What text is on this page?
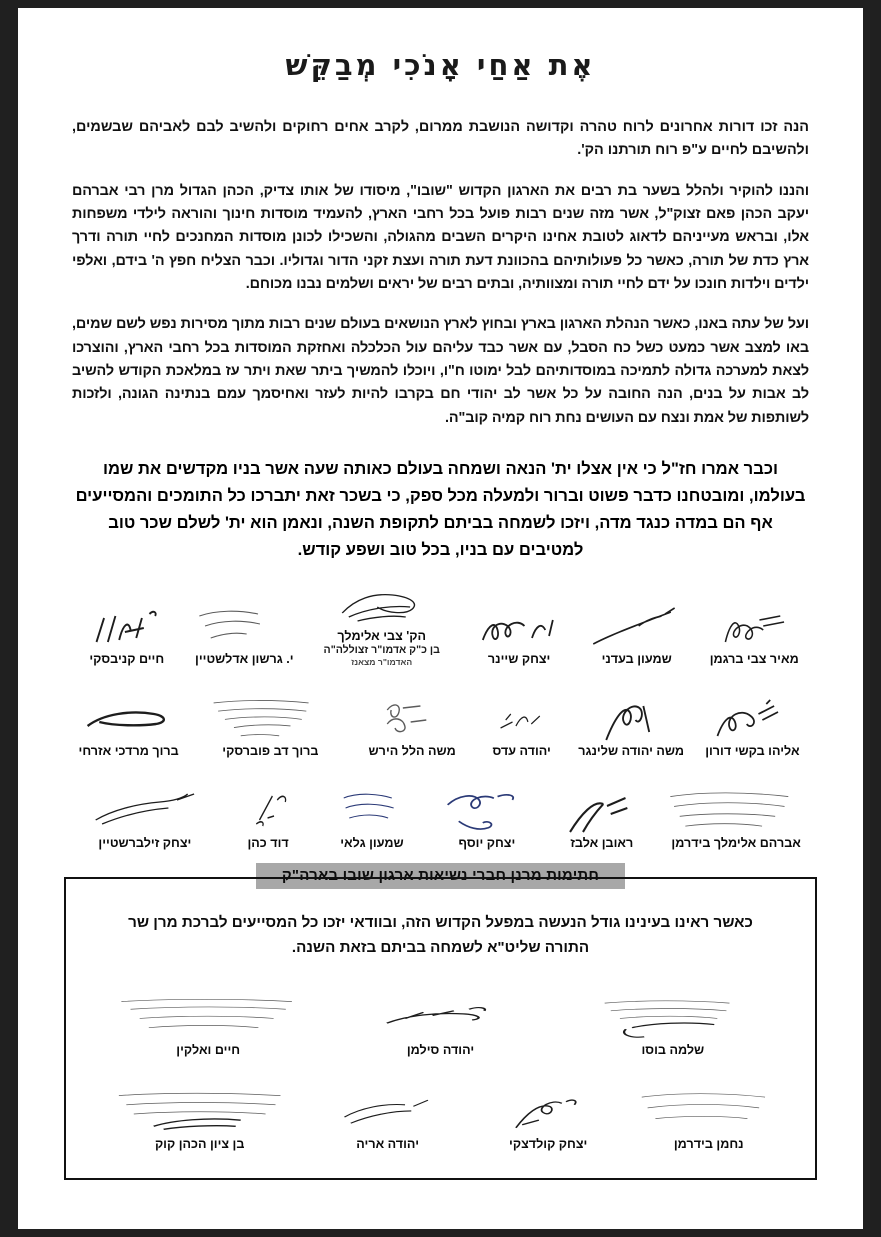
אֶת אַחַי אָנֹכִי מְבַקֵּשׁ
הנה זכו דורות אחרונים לרוח טהרה וקדושה הנושבת ממרום, לקרב אחים רחוקים ולהשיב לבם לאביהם שבשמים, ולהשיבם לחיים ע"פ רוח תורתנו הק'.
והננו להוקיר ולהלל בשער בת רבים את הארגון הקדוש "שובו", מיסודו של אותו צדיק, הכהן הגדול מרן רבי אברהם יעקב הכהן פאם זצוק"ל, אשר מזה שנים רבות פועל בכל רחבי הארץ, להעמיד מוסדות חינוך והוראה לילדי משפחות אלו, ובראש מעייניהם לדאוג לטובת אחינו היקרים השבים מהגולה, והשכילו לכונן מוסדות המחנכים לחיי תורה ודרך ארץ כדת של תורה, כאשר כל פעולותיהם בהכוונת דעת תורה ועצת זקני הדור וגדוליו. וכבר הצליח חפץ ה' בידם, ואלפי ילדים וילדות חונכו על ידם לחיי תורה ומצוותיה, ובתים רבים של יראים ושלמים נבנו מכוחם.
ועל של עתה באנו, כאשר הנהלת הארגון בארץ ובחוץ לארץ הנושאים בעולם שנים רבות מתוך מסירות נפש לשם שמים, באו למצב אשר כמעט כשל כח הסבל, עם אשר כבד עליהם עול הכלכלה ואחזקת המוסדות בכל רחבי הארץ, והוצרכו לצאת למערכה גדולה לתמיכה במוסדותיהם לבל ימוטו ח"ו, ויוכלו להמשיך ביתר שאת ויתר עז במלאכת הקודש להשיב לב אבות על בנים, הנה החובה על כל אשר לב יהודי חם בקרבו להיות לעזר ואחיסמך עמם בנתינה הגונה, ולזכות לשותפות של אמת ונצח עם העושים נחת רוח קמיה קוב"ה.
וכבר אמרו חז"ל כי אין אצלו ית' הנאה ושמחה בעולם כאותה שעה אשר בניו מקדשים את שמו בעולמו, ומובטחנו כדבר פשוט וברור ולמעלה מכל ספק, כי בשכר זאת יתברכו כל התומכים והמסייעים אף הם במדה כנגד מדה, ויזכו לשמחה בביתם לתקופת השנה, ונאמן הוא ית' לשלם שכר טוב למטיבים עם בניו, בכל טוב ושפע קודש.
מאיר צבי ברגמן
שמעון בעדני
יצחק שיינר
הק' צבי אלימלך
בן כ"ק אדמו"ר זצוללה"ה
האדמו"ר מצאנז
י. גרשון אדלשטיין
חיים קניבסקי
אליהו בקשי דורון
משה יהודה שלינגר
יהודה עדס
משה הלל הירש
ברוך דב פוברסקי
ברוך מרדכי אזרחי
אברהם אלימלך בידרמן
ראובן אלבז
יצחק יוסף
שמעון גלאי
דוד כהן
יצחק זילברשטיין
חתימות מרנן חברי נשיאות ארגון שובו בארה"ק
כאשר ראינו בעינינו גודל הנעשה במפעל הקדוש הזה, ובוודאי יזכו כל המסייעים לברכת מרן שר התורה שליט"א לשמחה בביתם בזאת השנה.
שלמה בוסו
יהודה סילמן
חיים ואלקין
נחמן בידרמן
יצחק קולדצקי
יהודה אריה
בן ציון הכהן קוק
